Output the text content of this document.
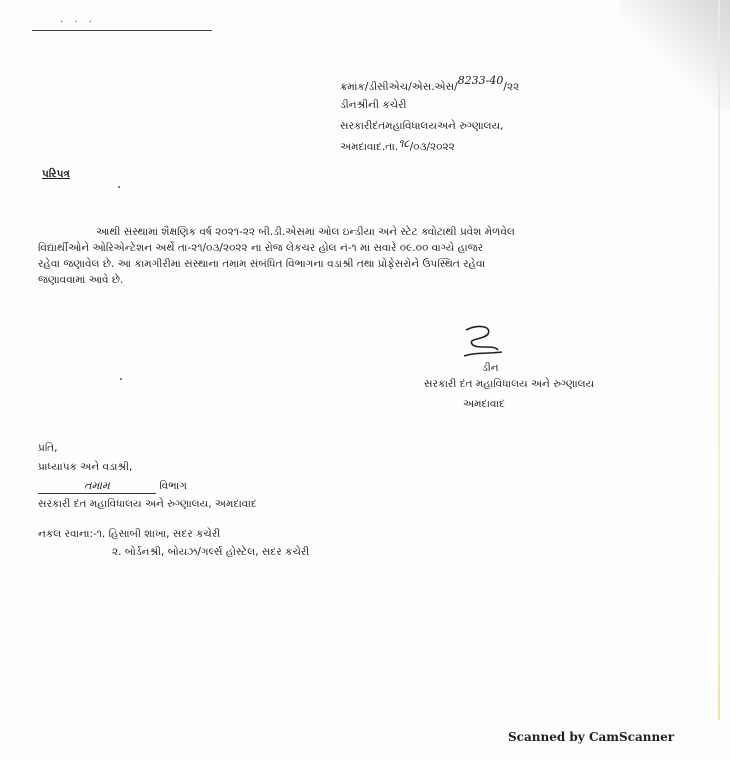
. . .
ક્રમાંક/ડીસીએચ/એસ.એસ/8233-40/૨૨
ડીનશ્રીની કચેરી
સરકારીદંતમહાવિધાલયઅને રુગ્ણાલય,
અમદાવાદ.તા.૧૮/૦૩/૨૦૨૨
પરિપત્ર
આથી સંસ્થામાં શૈક્ષણિક વર્ષ ૨૦૨૧-૨૨ બી.ડી.એસમાં ઓલ ઇન્ડીયા અને સ્ટેટ ક્વોટાથી પ્રવેશ મેળવેલ
વિદ્યાર્થીઓને ઓરિએન્ટેશન અર્થે તા-૨૧/૦૩/૨૦૨૨ ના રોજ લેકચર હોલ નં-૧ માં સવારે ૦૯.૦૦ વાગ્યે હાજર
રહેવા જણાવેલ છે. આ કામગીરીમાં સંસ્થાના તમામ સંબંધિત વિભાગના વડાશ્રી તથા પ્રોફેસરોને ઉપસ્થિત રહેવા
જણાવવામાં આવે છે.
ડીન
સરકારી દંત મહાવિધાલય અને રુગ્ણાલય
અમદાવાદ
પ્રતિ,
પ્રાધ્યાપક અને વડાશ્રી,
તમામ	વિભાગ
સરકારી દંત મહાવિધાલય અને રુગ્ણાલય, અમદાવાદ
નકલ રવાના:-૧. હિસાબી શાખા, સદર કચેરી
૨. બોર્ડનશ્રી, બોયઝ/ગર્લ્સ હોસ્ટેલ, સદર કચેરી
Scanned by CamScanner
